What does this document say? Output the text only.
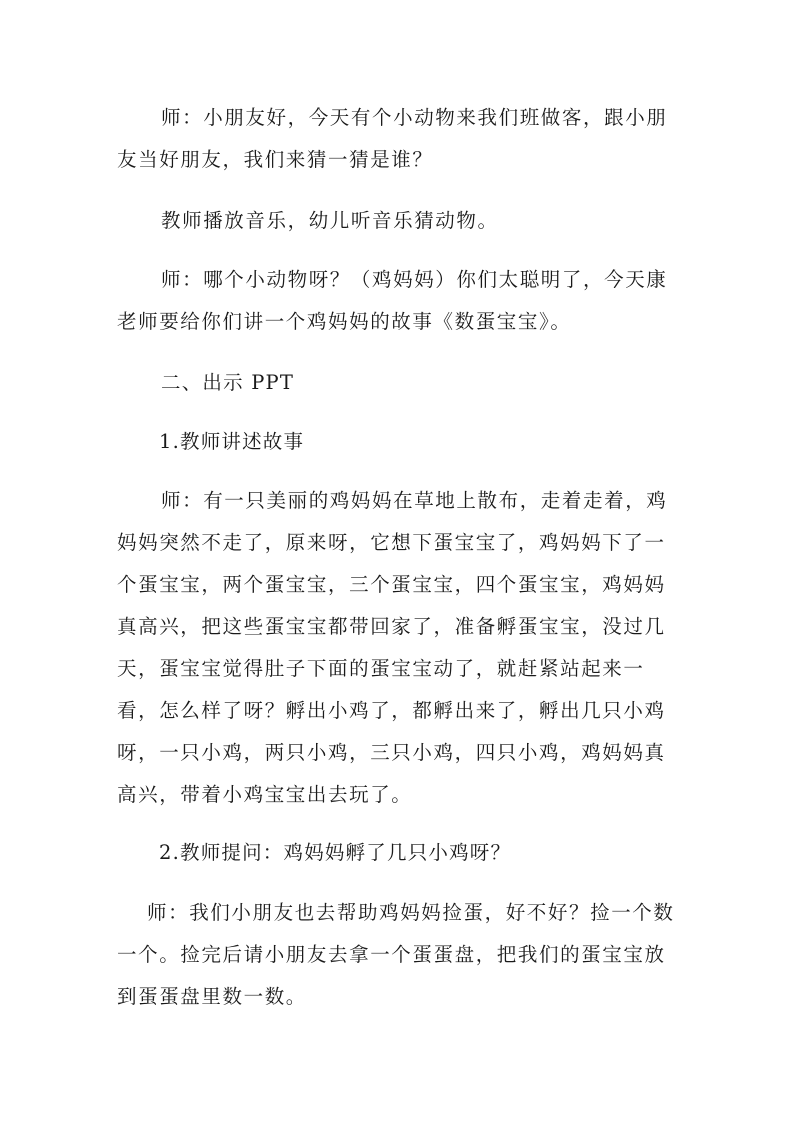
师：小朋友好，今天有个小动物来我们班做客，跟小朋友当好朋友，我们来猜一猜是谁？

教师播放音乐，幼儿听音乐猜动物。

师：哪个小动物呀？（鸡妈妈）你们太聪明了，今天康老师要给你们讲一个鸡妈妈的故事《数蛋宝宝》。

二、出示 PPT

1.教师讲述故事

师：有一只美丽的鸡妈妈在草地上散布，走着走着，鸡妈妈突然不走了，原来呀，它想下蛋宝宝了，鸡妈妈下了一个蛋宝宝，两个蛋宝宝，三个蛋宝宝，四个蛋宝宝，鸡妈妈真高兴，把这些蛋宝宝都带回家了，准备孵蛋宝宝，没过几天，蛋宝宝觉得肚子下面的蛋宝宝动了，就赶紧站起来一看，怎么样了呀？孵出小鸡了，都孵出来了，孵出几只小鸡呀，一只小鸡，两只小鸡，三只小鸡，四只小鸡，鸡妈妈真高兴，带着小鸡宝宝出去玩了。

2.教师提问：鸡妈妈孵了几只小鸡呀？

师：我们小朋友也去帮助鸡妈妈捡蛋，好不好？捡一个数一个。捡完后请小朋友去拿一个蛋蛋盘，把我们的蛋宝宝放到蛋蛋盘里数一数。
